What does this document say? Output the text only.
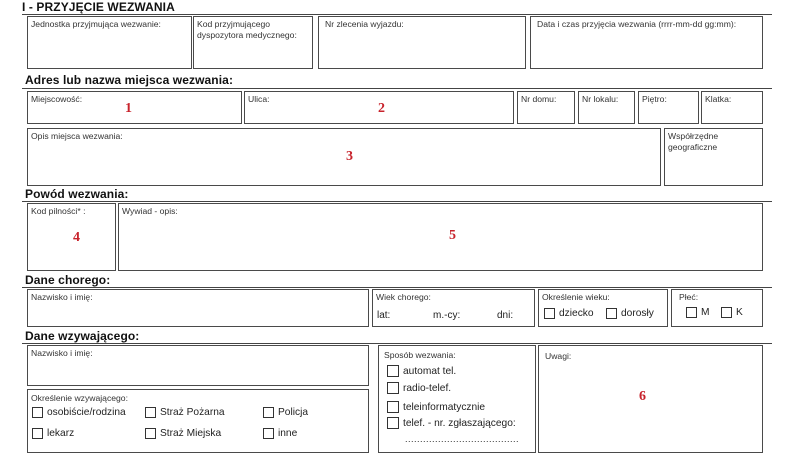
I - PRZYJĘCIE WEZWANIA
Jednostka przyjmująca wezwanie:	Kod przyjmującego dyspozytora medycznego:
Nr zlecenia wyjazdu:	Data i czas przyjęcia wezwania (rrrr-mm-dd gg:mm):
Adres lub nazwa miejsca wezwania:
Miejscowość:
1
Ulica:
2
Nr domu:	Nr lokalu:	Piętro:	Klatka:
Opis miejsca wezwania:
3
Współrzędne geograficzne
Powód wezwania:
Kod pilności* :
4
Wywiad - opis:
5
Dane chorego:
Nazwisko i imię:	Wiek chorego:
lat:	m.-cy:	dni:
Określenie wieku:
dziecko	dorosły
Płeć:
M	K
Dane wzywającego:
Nazwisko i imię:
Określenie wzywającego:
osobiście/rodzina	Straż Pożarna	Policja
lekarz	Straż Miejska	inne
Sposób wezwania:
automat tel.
radio-telef.
teleinformatycznie
telef. - nr. zgłaszającego:
......................................
Uwagi:
6
